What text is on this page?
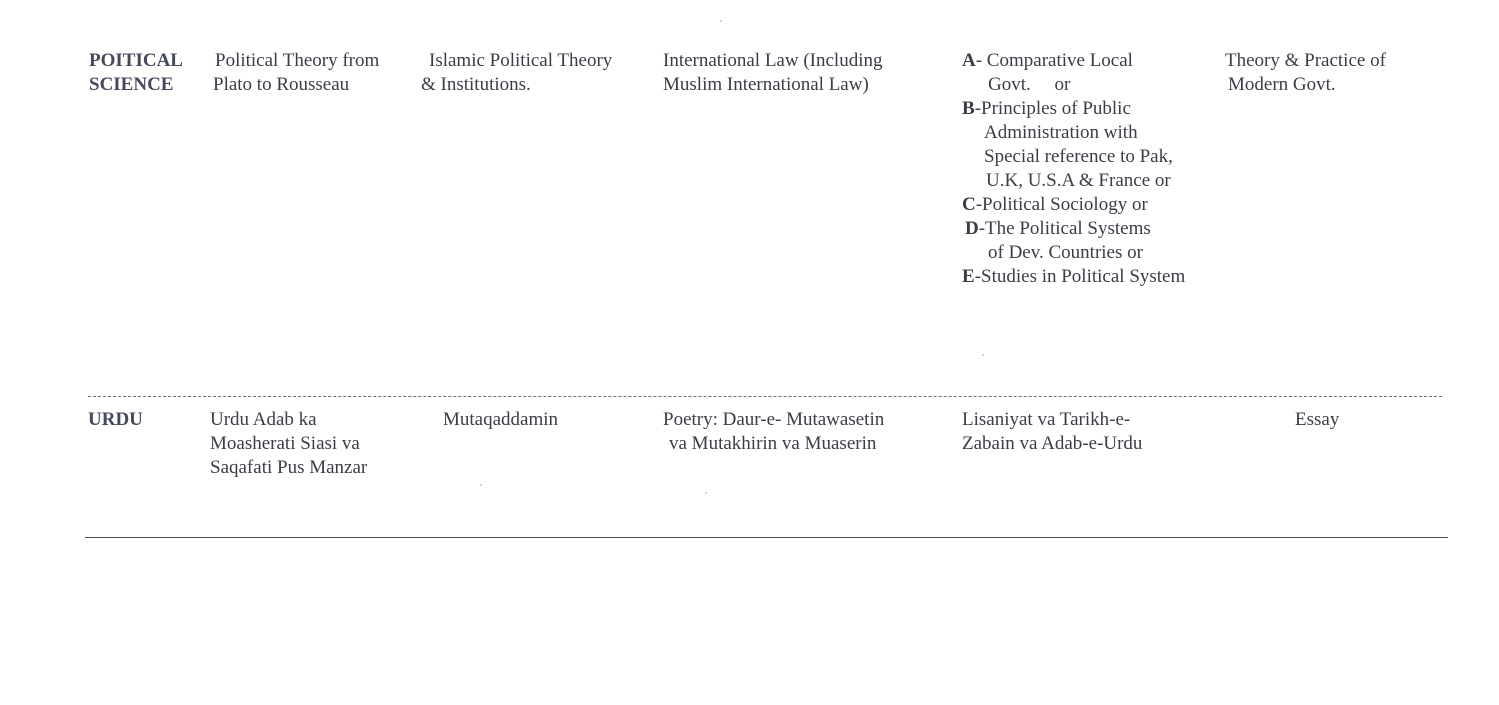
POITICAL
SCIENCE
Political Theory from
Plato to Rousseau
Islamic Political Theory
& Institutions.
International Law (Including
Muslim International Law)
A- Comparative Local
Govt.     or
B-Principles of Public
Administration with
Special reference to Pak,
U.K, U.S.A & France or
C-Political Sociology or
D-The Political Systems
of Dev. Countries or
E-Studies in Political System
Theory & Practice of
Modern Govt.
URDU	Urdu Adab ka
Moasherati Siasi va
Saqafati Pus Manzar
Mutaqaddamin	Poetry: Daur-e- Mutawasetin
va Mutakhirin va Muaserin
Lisaniyat va Tarikh-e-
Zabain va Adab-e-Urdu
Essay
